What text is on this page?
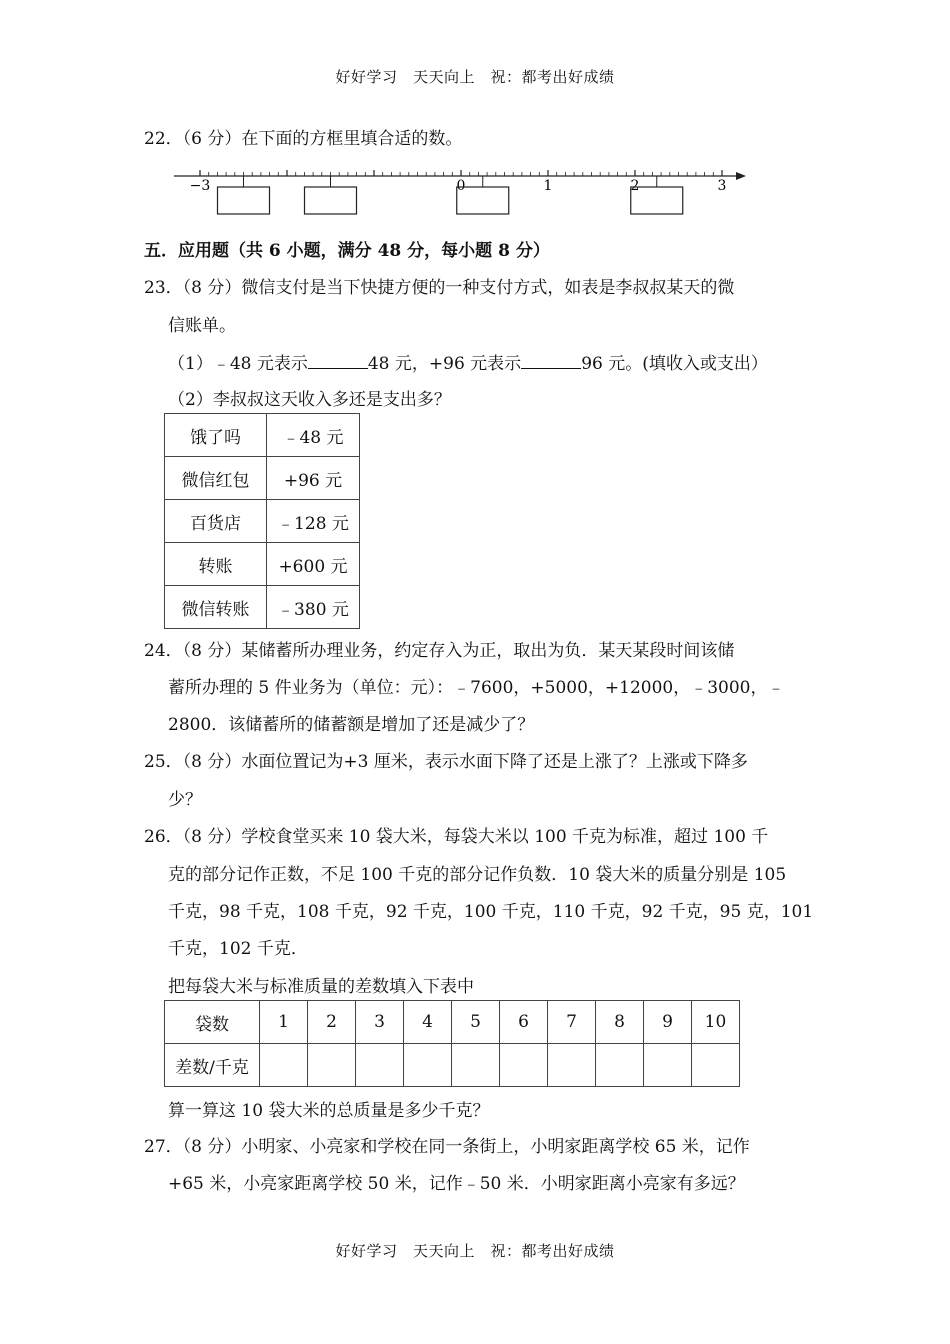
好好学习　天天向上　祝：都考出好成绩
22．（6 分）在下面的方框里填合适的数。
−3	0	1	2	3
五．应用题（共 6 小题，满分 48 分，每小题 8 分）
23．（8 分）微信支付是当下快捷方便的一种支付方式，如表是李叔叔某天的微
信账单。
（1）﹣48 元表示	48 元，+96 元表示	96 元。(填收入或支出）
（2）李叔叔这天收入多还是支出多？
饿了吗	﹣48 元
微信红包	+96 元
百货店	﹣128 元
转账	+600 元
微信转账	﹣380 元
24．（8 分）某储蓄所办理业务，约定存入为正，取出为负．某天某段时间该储
蓄所办理的 5 件业务为（单位：元）：﹣7600，+5000，+12000，﹣3000，﹣
2800．该储蓄所的储蓄额是增加了还是减少了？
25．（8 分）水面位置记为+3 厘米，表示水面下降了还是上涨了？上涨或下降多
少？
26．（8 分）学校食堂买来 10 袋大米，每袋大米以 100 千克为标准，超过 100 千
克的部分记作正数，不足 100 千克的部分记作负数．10 袋大米的质量分别是 105
千克，98 千克，108 千克，92 千克，100 千克，110 千克，92 千克，95 克，101
千克，102 千克．
把每袋大米与标准质量的差数填入下表中
袋数	1	2	3	4	5	6	7	8	9	10
差数/千克										
算一算这 10 袋大米的总质量是多少千克？
27．（8 分）小明家、小亮家和学校在同一条街上，小明家距离学校 65 米，记作
+65 米，小亮家距离学校 50 米，记作﹣50 米．小明家距离小亮家有多远？
好好学习　天天向上　祝：都考出好成绩
